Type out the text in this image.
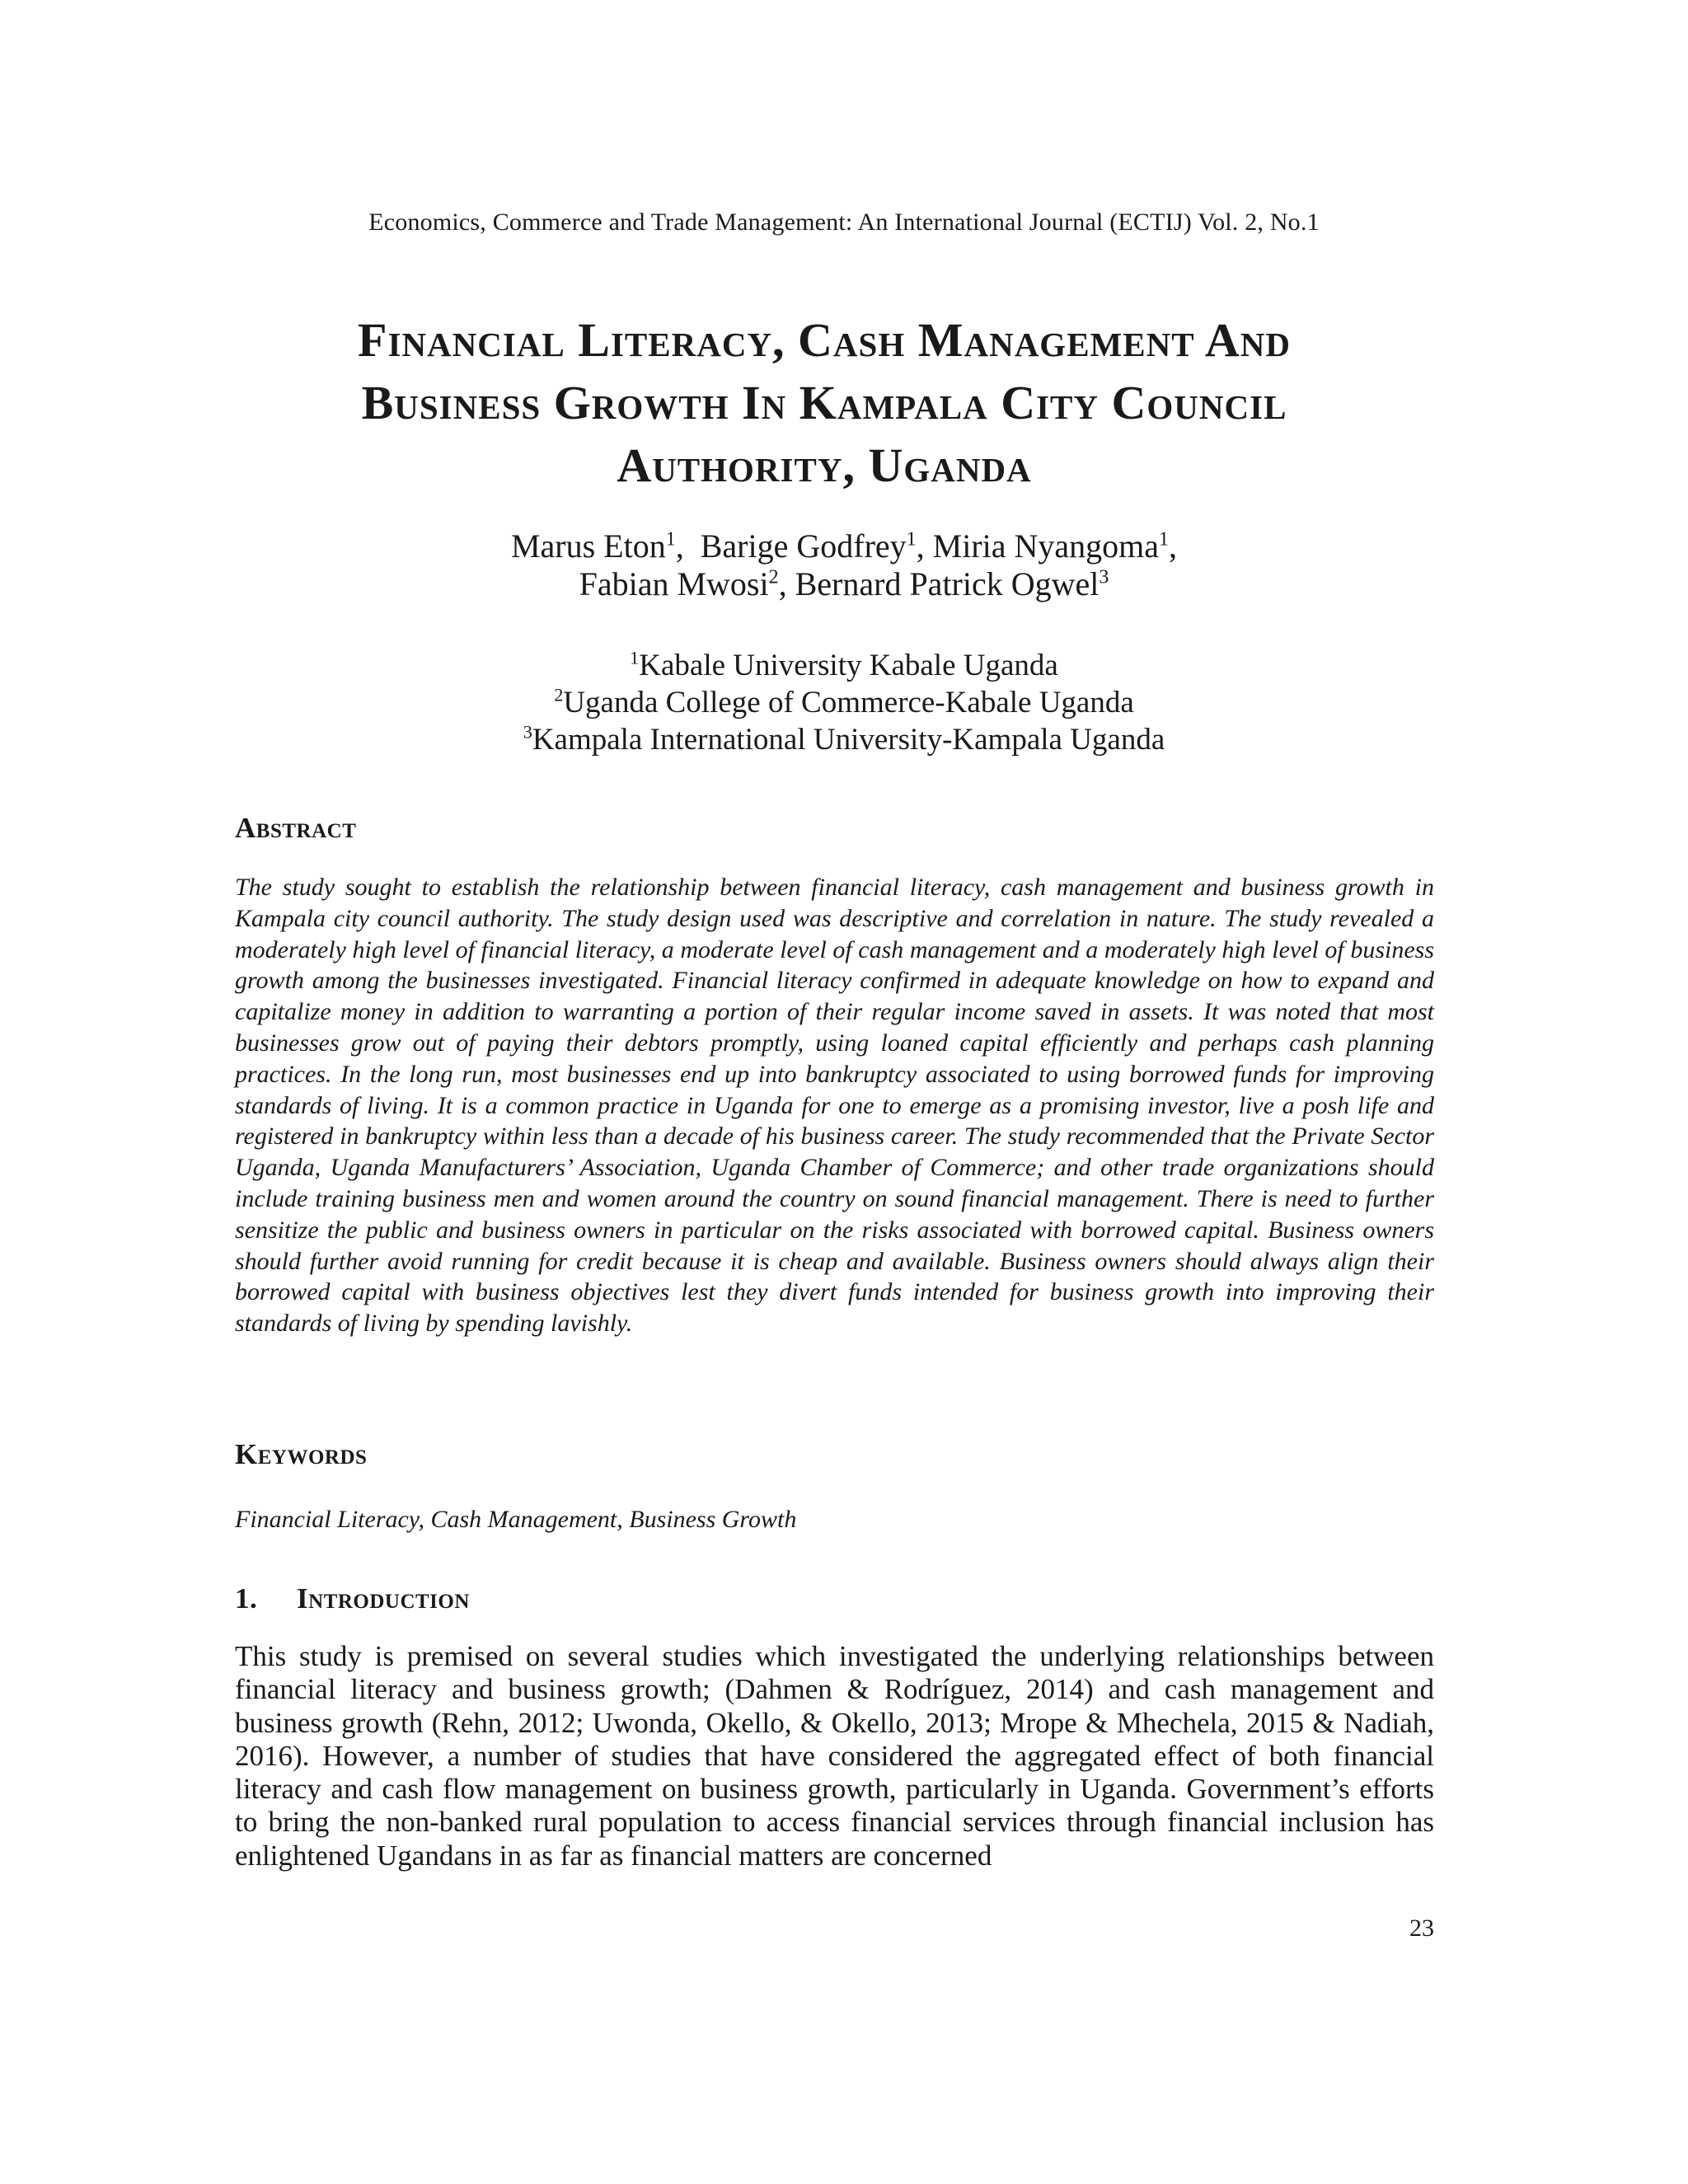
Economics, Commerce and Trade Management: An International Journal (ECTIJ) Vol. 2, No.1
Financial Literacy, Cash Management And
Business Growth In Kampala City Council
Authority, Uganda
Marus Eton$^1$,  Barige Godfrey$^1$, Miria Nyangoma$^1$,
Fabian Mwosi$^2$, Bernard Patrick Ogwel$^3$
$^1$Kabale University Kabale Uganda
$^2$Uganda College of Commerce-Kabale Uganda
$^3$Kampala International University-Kampala Uganda
Abstract

The study sought to establish the relationship between financial literacy, cash management and business growth in Kampala city council authority. The study design used was descriptive and correlation in nature. The study revealed a moderately high level of financial literacy, a moderate level of cash management and a moderately high level of business growth among the businesses investigated. Financial literacy confirmed in adequate knowledge on how to expand and capitalize money in addition to warranting a portion of their regular income saved in assets. It was noted that most businesses grow out of paying their debtors promptly, using loaned capital efficiently and perhaps cash planning practices. In the long run, most businesses end up into bankruptcy associated to using borrowed funds for improving standards of living. It is a common practice in Uganda for one to emerge as a promising investor, live a posh life and registered in bankruptcy within less than a decade of his business career. The study recommended that the Private Sector Uganda, Uganda Manufacturers’ Association, Uganda Chamber of Commerce; and other trade organizations should include training business men and women around the country on sound financial management. There is need to further sensitize the public and business owners in particular on the risks associated with borrowed capital. Business owners should further avoid running for credit because it is cheap and available. Business owners should always align their borrowed capital with business objectives lest they divert funds intended for business growth into improving their standards of living by spending lavishly.

Keywords

Financial Literacy, Cash Management, Business Growth

1. Introduction

This study is premised on several studies which investigated the underlying relationships between financial literacy and business growth; (Dahmen & Rodríguez, 2014) and cash management and business growth (Rehn, 2012; Uwonda, Okello, & Okello, 2013; Mrope & Mhechela, 2015 & Nadiah, 2016). However, a number of studies that have considered the aggregated effect of both financial literacy and cash flow management on business growth, particularly in Uganda. Government’s efforts to bring the non-banked rural population to access financial services through financial inclusion has enlightened Ugandans in as far as financial matters are concerned

23
